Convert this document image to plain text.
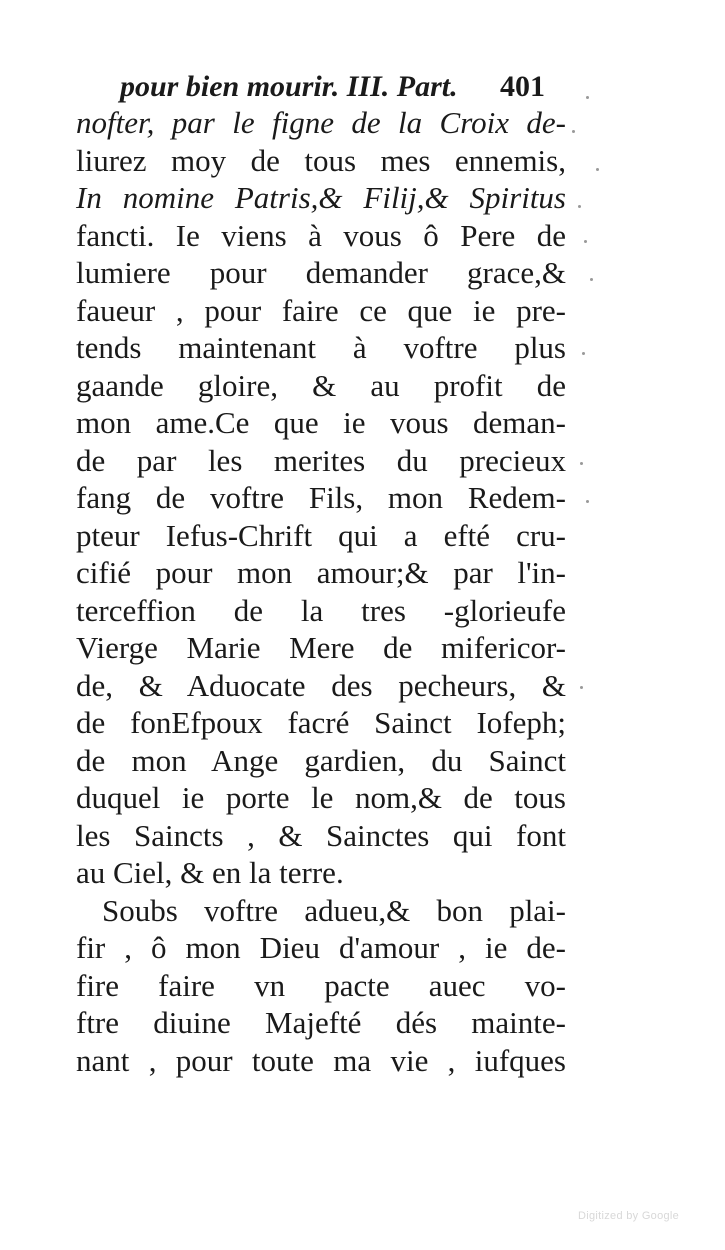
pour bien mourir. III. Part. 401
nofter, par le figne de la Croix de-
liurez moy de tous mes ennemis,
In nomine Patris,& Filij,& Spiritus
fancti. Ie viens à vous ô Pere de
lumiere pour demander grace,&
faueur , pour faire ce que ie pre-
tends maintenant à voftre plus
gaande gloire, & au profit de
mon ame.Ce que ie vous deman-
de par les merites du precieux
fang de voftre Fils, mon Redem-
pteur Iefus-Chrift qui a efté cru-
cifié pour mon amour;& par l'in-
terceffion de la tres -glorieufe
Vierge Marie Mere de mifericor-
de, & Aduocate des pecheurs, &
de fonEfpoux facré Sainct Iofeph;
de mon Ange gardien, du Sainct
duquel ie porte le nom,& de tous
les Saincts , & Sainctes qui font
au Ciel, & en la terre.
Soubs voftre adueu,& bon plai-
fir , ô mon Dieu d'amour , ie de-
fire faire vn pacte auec vo-
ftre diuine Majefté dés mainte-
nant , pour toute ma vie , iufques
Digitized by Google
